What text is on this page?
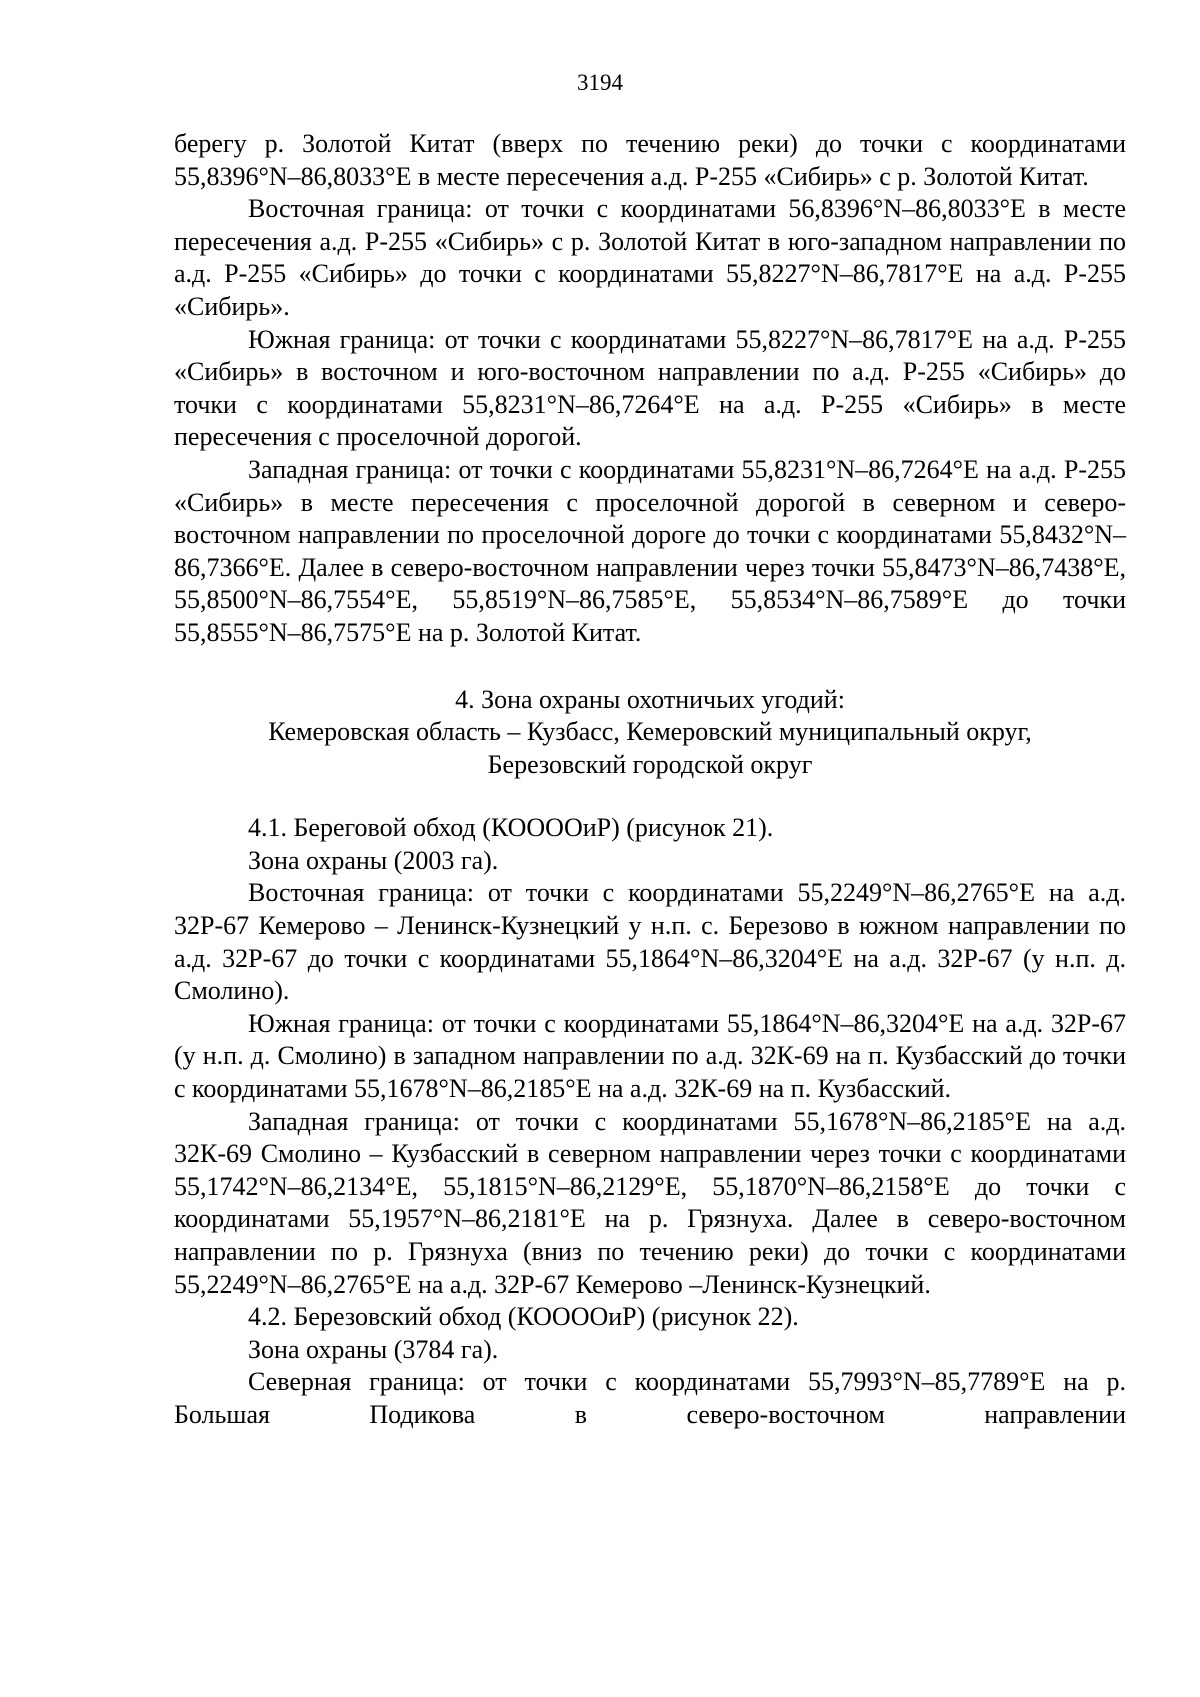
3194

берегу р. Золотой Китат (вверх по течению реки) до точки с координатами 55,8396°N–86,8033°E в месте пересечения а.д. Р-255 «Сибирь» с р. Золотой Китат.

Восточная граница: от точки с координатами 56,8396°N–86,8033°E в месте пересечения а.д. Р-255 «Сибирь» с р. Золотой Китат в юго-западном направлении по а.д. Р-255 «Сибирь» до точки с координатами 55,8227°N–86,7817°E на а.д. Р-255 «Сибирь».

Южная граница: от точки с координатами 55,8227°N–86,7817°E на а.д. Р-255 «Сибирь» в восточном и юго-восточном направлении по а.д. Р-255 «Сибирь» до точки с координатами 55,8231°N–86,7264°E на а.д. Р-255 «Сибирь» в месте пересечения с проселочной дорогой.

Западная граница: от точки с координатами 55,8231°N–86,7264°E на а.д. Р-255 «Сибирь» в месте пересечения с проселочной дорогой в северном и северо-восточном направлении по проселочной дороге до точки с координатами 55,8432°N–86,7366°E. Далее в северо-восточном направлении через точки 55,8473°N–86,7438°E, 55,8500°N–86,7554°E, 55,8519°N–86,7585°E, 55,8534°N–86,7589°E до точки 55,8555°N–86,7575°E на р. Золотой Китат.

4. Зона охраны охотничьих угодий:

Кемеровская область – Кузбасс, Кемеровский муниципальный округ,

Березовский городской округ

4.1. Береговой обход (КООООиР) (рисунок 21).

Зона охраны (2003 га).

Восточная граница: от точки с координатами 55,2249°N–86,2765°E на а.д. 32Р-67 Кемерово – Ленинск-Кузнецкий у н.п. с. Березово в южном направлении по а.д. 32Р-67 до точки с координатами 55,1864°N–86,3204°E на а.д. 32Р-67 (у н.п. д. Смолино).

Южная граница: от точки с координатами 55,1864°N–86,3204°E на а.д. 32Р-67 (у н.п. д. Смолино) в западном направлении по а.д. 32К-69 на п. Кузбасский до точки с координатами 55,1678°N–86,2185°E на а.д. 32К-69 на п. Кузбасский.

Западная граница: от точки с координатами 55,1678°N–86,2185°E на а.д. 32К-69 Смолино – Кузбасский в северном направлении через точки с координатами 55,1742°N–86,2134°E, 55,1815°N–86,2129°E, 55,1870°N–86,2158°E до точки с координатами 55,1957°N–86,2181°E на р. Грязнуха. Далее в северо-восточном направлении по р. Грязнуха (вниз по течению реки) до точки с координатами 55,2249°N–86,2765°E на а.д. 32Р-67 Кемерово –Ленинск-Кузнецкий.

4.2. Березовский обход (КООООиР) (рисунок 22).

Зона охраны (3784 га).

Северная граница: от точки с координатами 55,7993°N–85,7789°E на р. Большая Подикова в северо-восточном направлении
